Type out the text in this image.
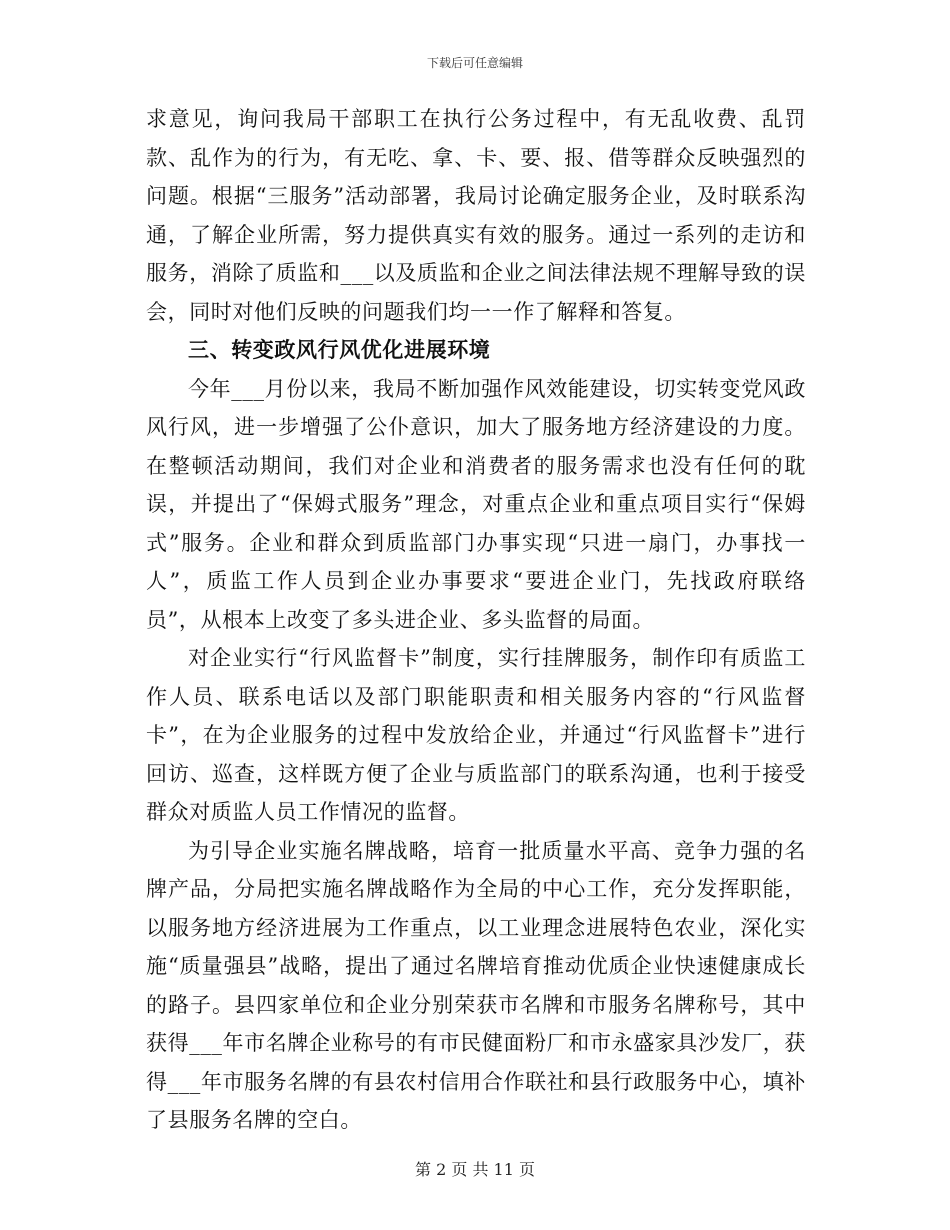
下载后可任意编辑

求意见，询问我局干部职工在执行公务过程中，有无乱收费、乱罚款、乱作为的行为，有无吃、拿、卡、要、报、借等群众反映强烈的问题。根据“三服务”活动部署，我局讨论确定服务企业，及时联系沟通，了解企业所需，努力提供真实有效的服务。通过一系列的走访和服务，消除了质监和___以及质监和企业之间法律法规不理解导致的误会，同时对他们反映的问题我们均一一作了解释和答复。

三、转变政风行风优化进展环境

今年___月份以来，我局不断加强作风效能建设，切实转变党风政风行风，进一步增强了公仆意识，加大了服务地方经济建设的力度。在整顿活动期间，我们对企业和消费者的服务需求也没有任何的耽误，并提出了“保姆式服务”理念，对重点企业和重点项目实行“保姆式”服务。企业和群众到质监部门办事实现“只进一扇门，办事找一人”，质监工作人员到企业办事要求“要进企业门，先找政府联络员”，从根本上改变了多头进企业、多头监督的局面。

对企业实行“行风监督卡”制度，实行挂牌服务，制作印有质监工作人员、联系电话以及部门职能职责和相关服务内容的“行风监督卡”，在为企业服务的过程中发放给企业，并通过“行风监督卡”进行回访、巡查，这样既方便了企业与质监部门的联系沟通，也利于接受群众对质监人员工作情况的监督。

为引导企业实施名牌战略，培育一批质量水平高、竞争力强的名牌产品，分局把实施名牌战略作为全局的中心工作，充分发挥职能，以服务地方经济进展为工作重点，以工业理念进展特色农业，深化实施“质量强县”战略，提出了通过名牌培育推动优质企业快速健康成长的路子。县四家单位和企业分别荣获市名牌和市服务名牌称号，其中获得___年市名牌企业称号的有市民健面粉厂和市永盛家具沙发厂，获得___年市服务名牌的有县农村信用合作联社和县行政服务中心，填补了县服务名牌的空白。

第 2 页 共 11 页
